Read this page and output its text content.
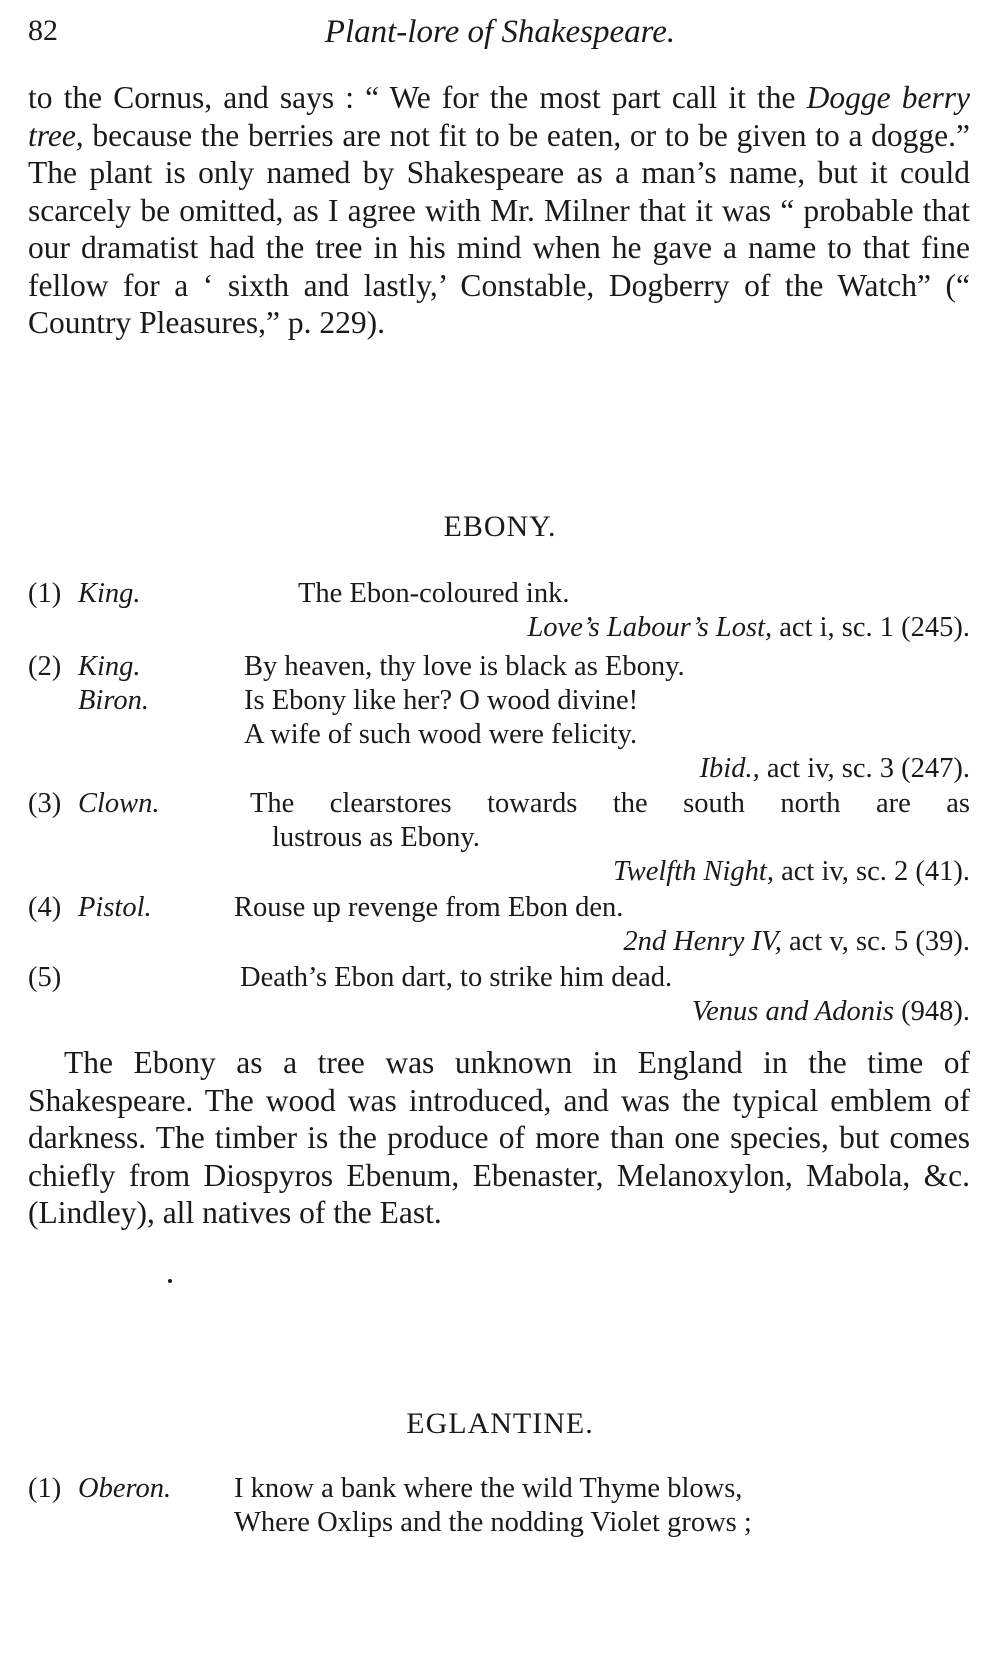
82	Plant-lore of Shakespeare.

to the Cornus, and says : “ We for the most part call it the Dogge berry tree, because the berries are not fit to be eaten, or to be given to a dogge.” The plant is only named by Shakespeare as a man’s name, but it could scarcely be omitted, as I agree with Mr. Milner that it was “ probable that our dramatist had the tree in his mind when he gave a name to that fine fellow for a ‘ sixth and lastly,’ Constable, Dogberry of the Watch” (“ Country Pleasures,” p. 229).

EBONY.
(1) King.	The Ebon-coloured ink.
Love’s Labour’s Lost, act i, sc. 1 (245).
(2) King.	By heaven, thy love is black as Ebony.
Biron.	Is Ebony like her? O wood divine!
A wife of such wood were felicity.
Ibid., act iv, sc. 3 (247).
(3) Clown.	The clearstores towards the south north are as
lustrous as Ebony.
Twelfth Night, act iv, sc. 2 (41).
(4) Pistol.	Rouse up revenge from Ebon den.
2nd Henry IV, act v, sc. 5 (39).
(5)	Death’s Ebon dart, to strike him dead.
Venus and Adonis (948).

The Ebony as a tree was unknown in England in the time of Shakespeare. The wood was introduced, and was the typical emblem of darkness. The timber is the produce of more than one species, but comes chiefly from Diospyros Ebenum, Ebenaster, Melanoxylon, Mabola, &c. (Lindley), all natives of the East.

EGLANTINE.
(1) Oberon. I know a bank where the wild Thyme blows,
Where Oxlips and the nodding Violet grows ;
